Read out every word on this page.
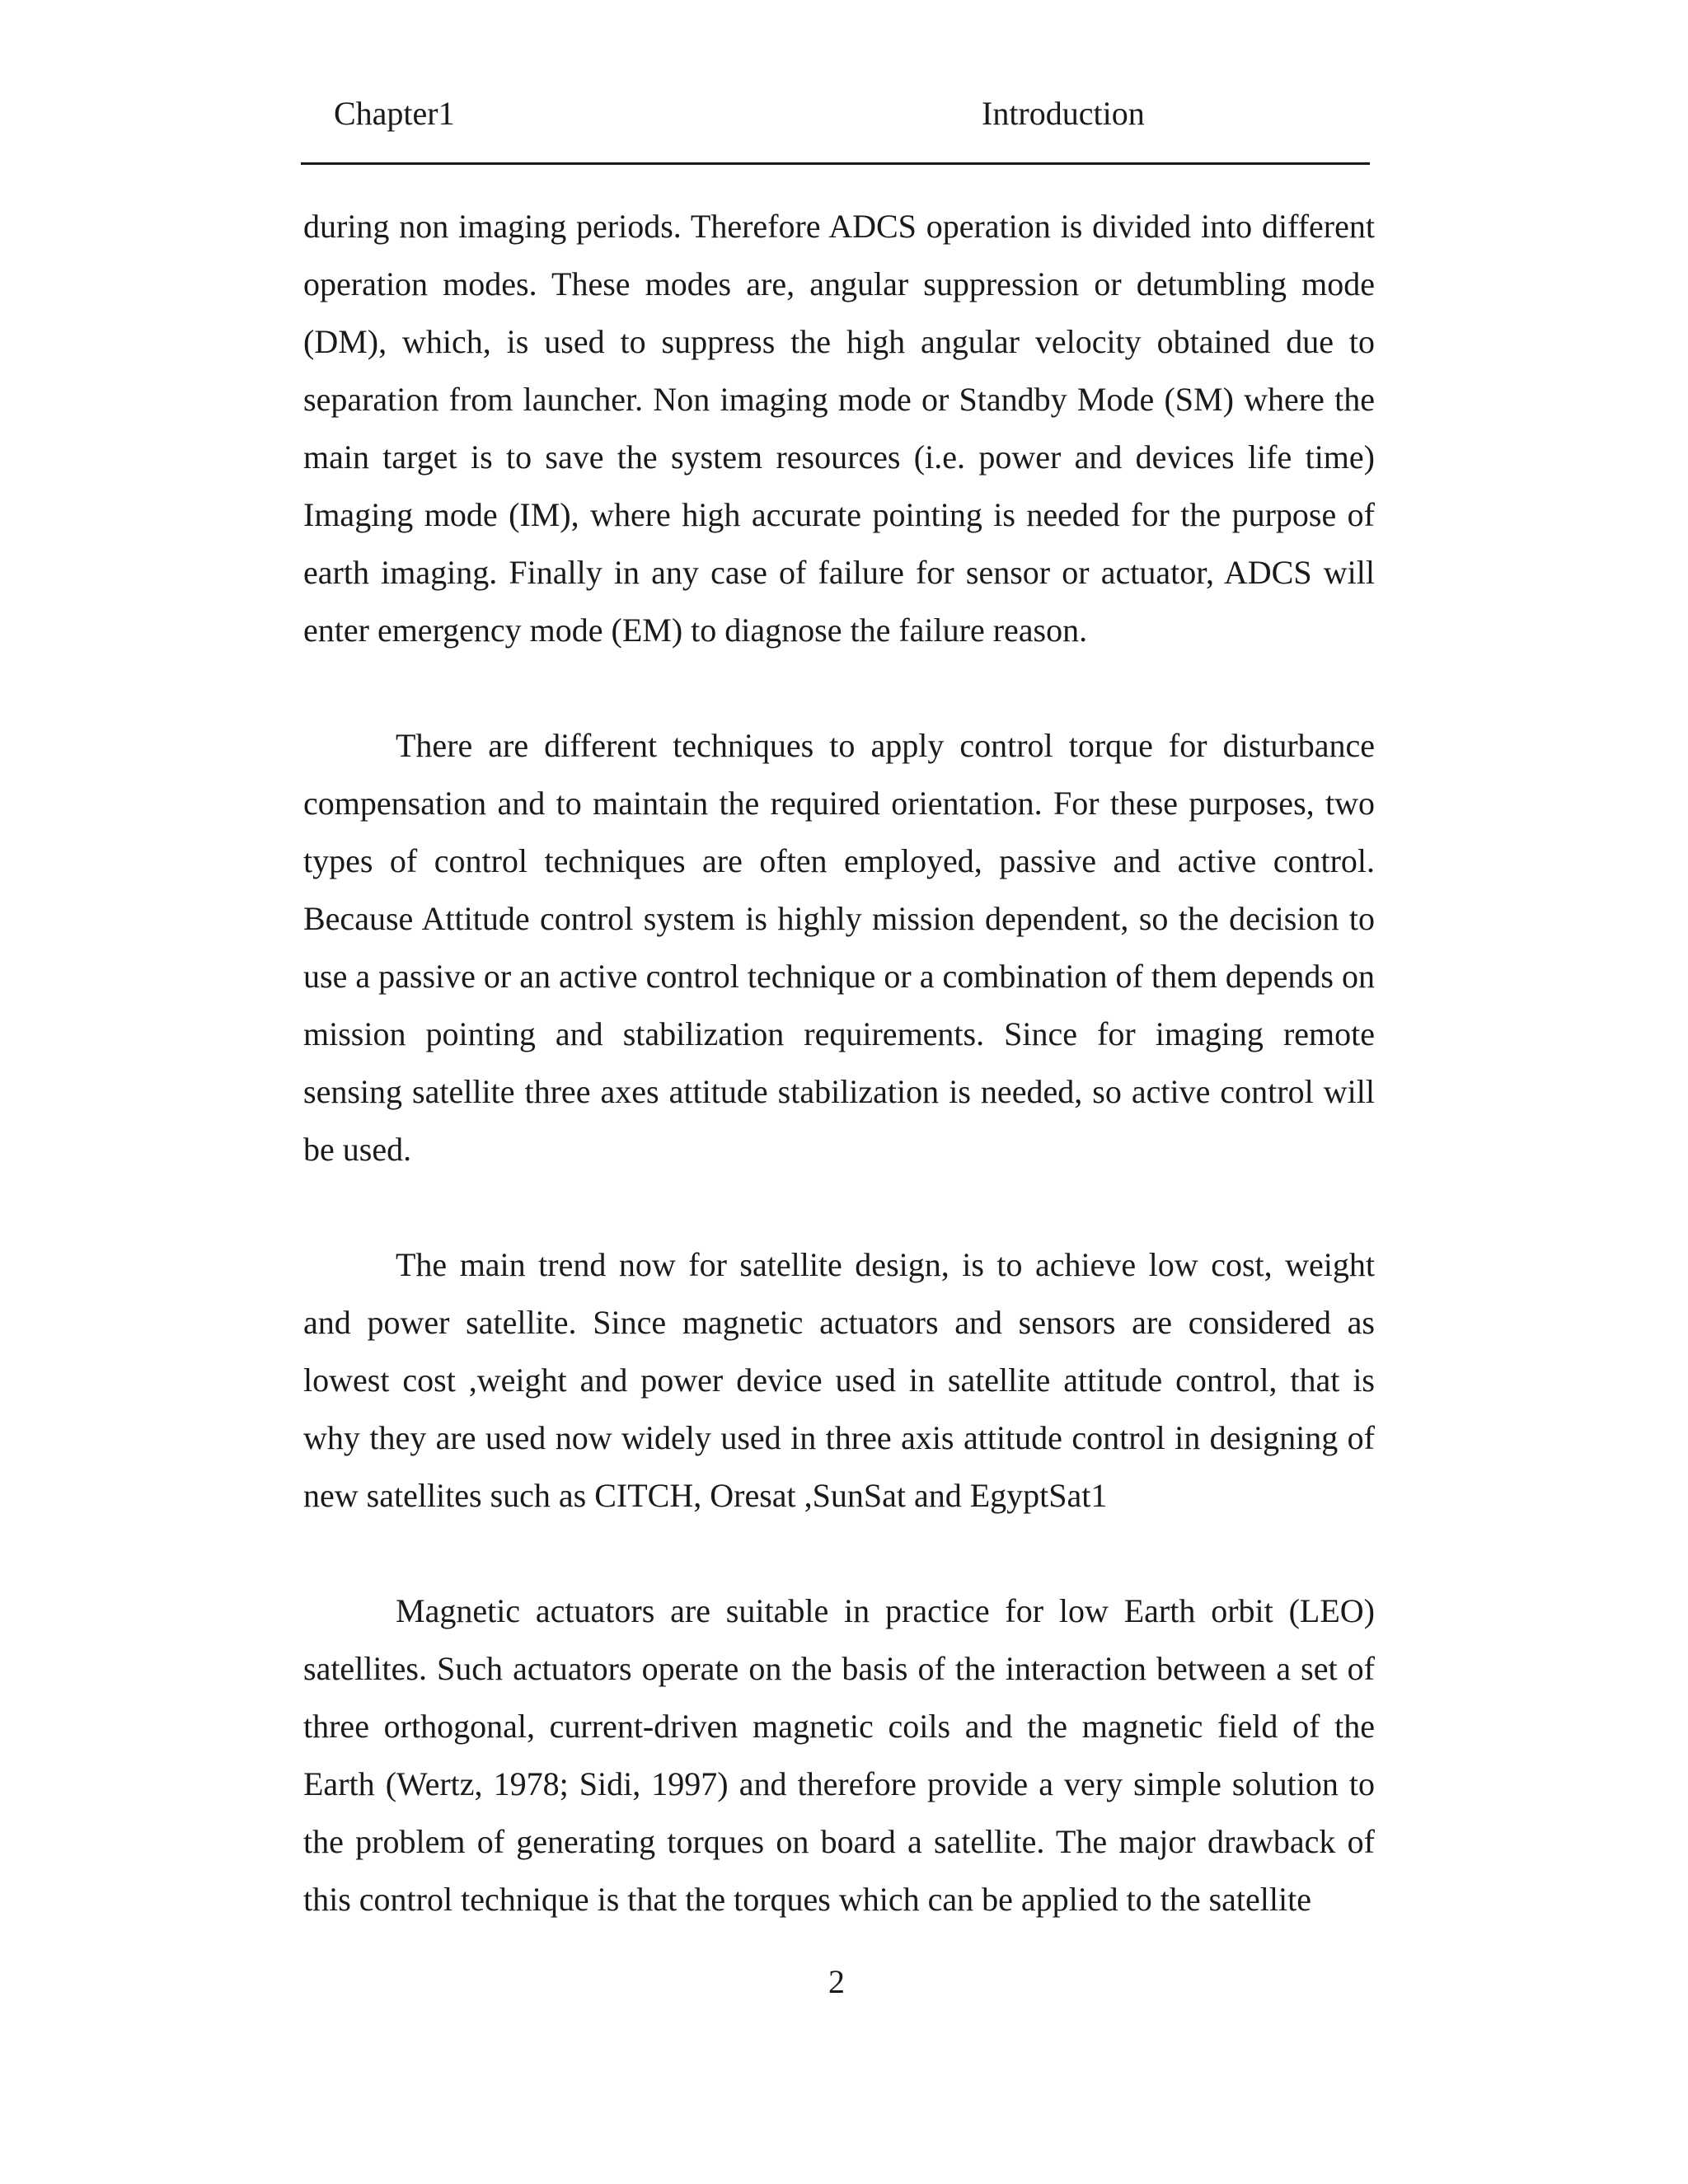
Chapter1	Introduction

during non imaging periods. Therefore ADCS operation is divided into different operation modes. These modes are, angular suppression or detumbling mode (DM), which, is used to suppress the high angular velocity obtained due to separation from launcher. Non imaging mode or Standby Mode (SM) where the main target is to save the system resources (i.e. power and devices life time) Imaging mode (IM), where high accurate pointing is needed for the purpose of earth imaging. Finally in any case of failure for sensor or actuator, ADCS will enter emergency mode (EM) to diagnose the failure reason.

There are different techniques to apply control torque for disturbance compensation and to maintain the required orientation. For these purposes, two types of control techniques are often employed, passive and active control. Because Attitude control system is highly mission dependent, so the decision to use a passive or an active control technique or a combination of them depends on mission pointing and stabilization requirements. Since for imaging remote sensing satellite three axes attitude stabilization is needed, so active control will be used.

The main trend now for satellite design, is to achieve low cost, weight and power satellite. Since magnetic actuators and sensors are considered as lowest cost ,weight and power device used in satellite attitude control, that is why they are used now widely used in three axis attitude control in designing of new satellites such as CITCH, Oresat ,SunSat and EgyptSat1

Magnetic actuators are suitable in practice for low Earth orbit (LEO) satellites. Such actuators operate on the basis of the interaction between a set of three orthogonal, current-driven magnetic coils and the magnetic field of the Earth (Wertz, 1978; Sidi, 1997) and therefore provide a very simple solution to the problem of generating torques on board a satellite. The major drawback of this control technique is that the torques which can be applied to the satellite

2
